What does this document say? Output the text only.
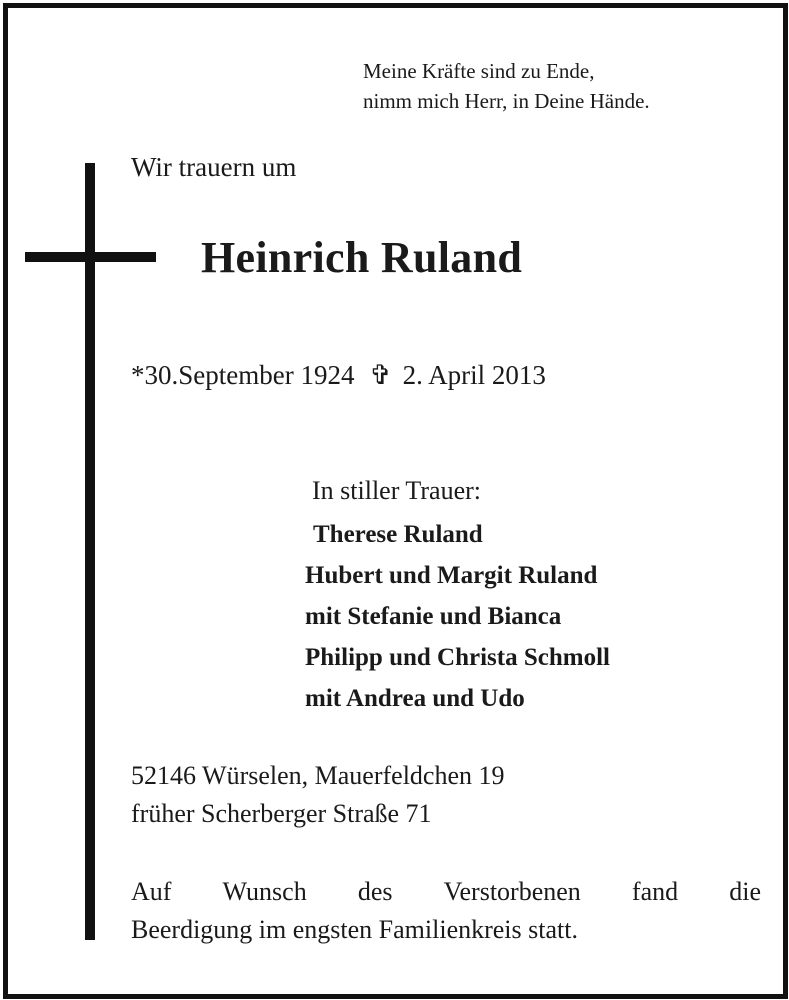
Meine Kräfte sind zu Ende,
nimm mich Herr, in Deine Hände.
Wir trauern um
Heinrich Ruland
*30.September 1924 ✞ 2. April 2013
In stiller Trauer:
Therese Ruland
Hubert und Margit Ruland
mit Stefanie und Bianca
Philipp und Christa Schmoll
mit Andrea und Udo
52146 Würselen, Mauerfeldchen 19
früher Scherberger Straße 71
Auf Wunsch des Verstorbenen fand die
Beerdigung im engsten Familienkreis statt.
